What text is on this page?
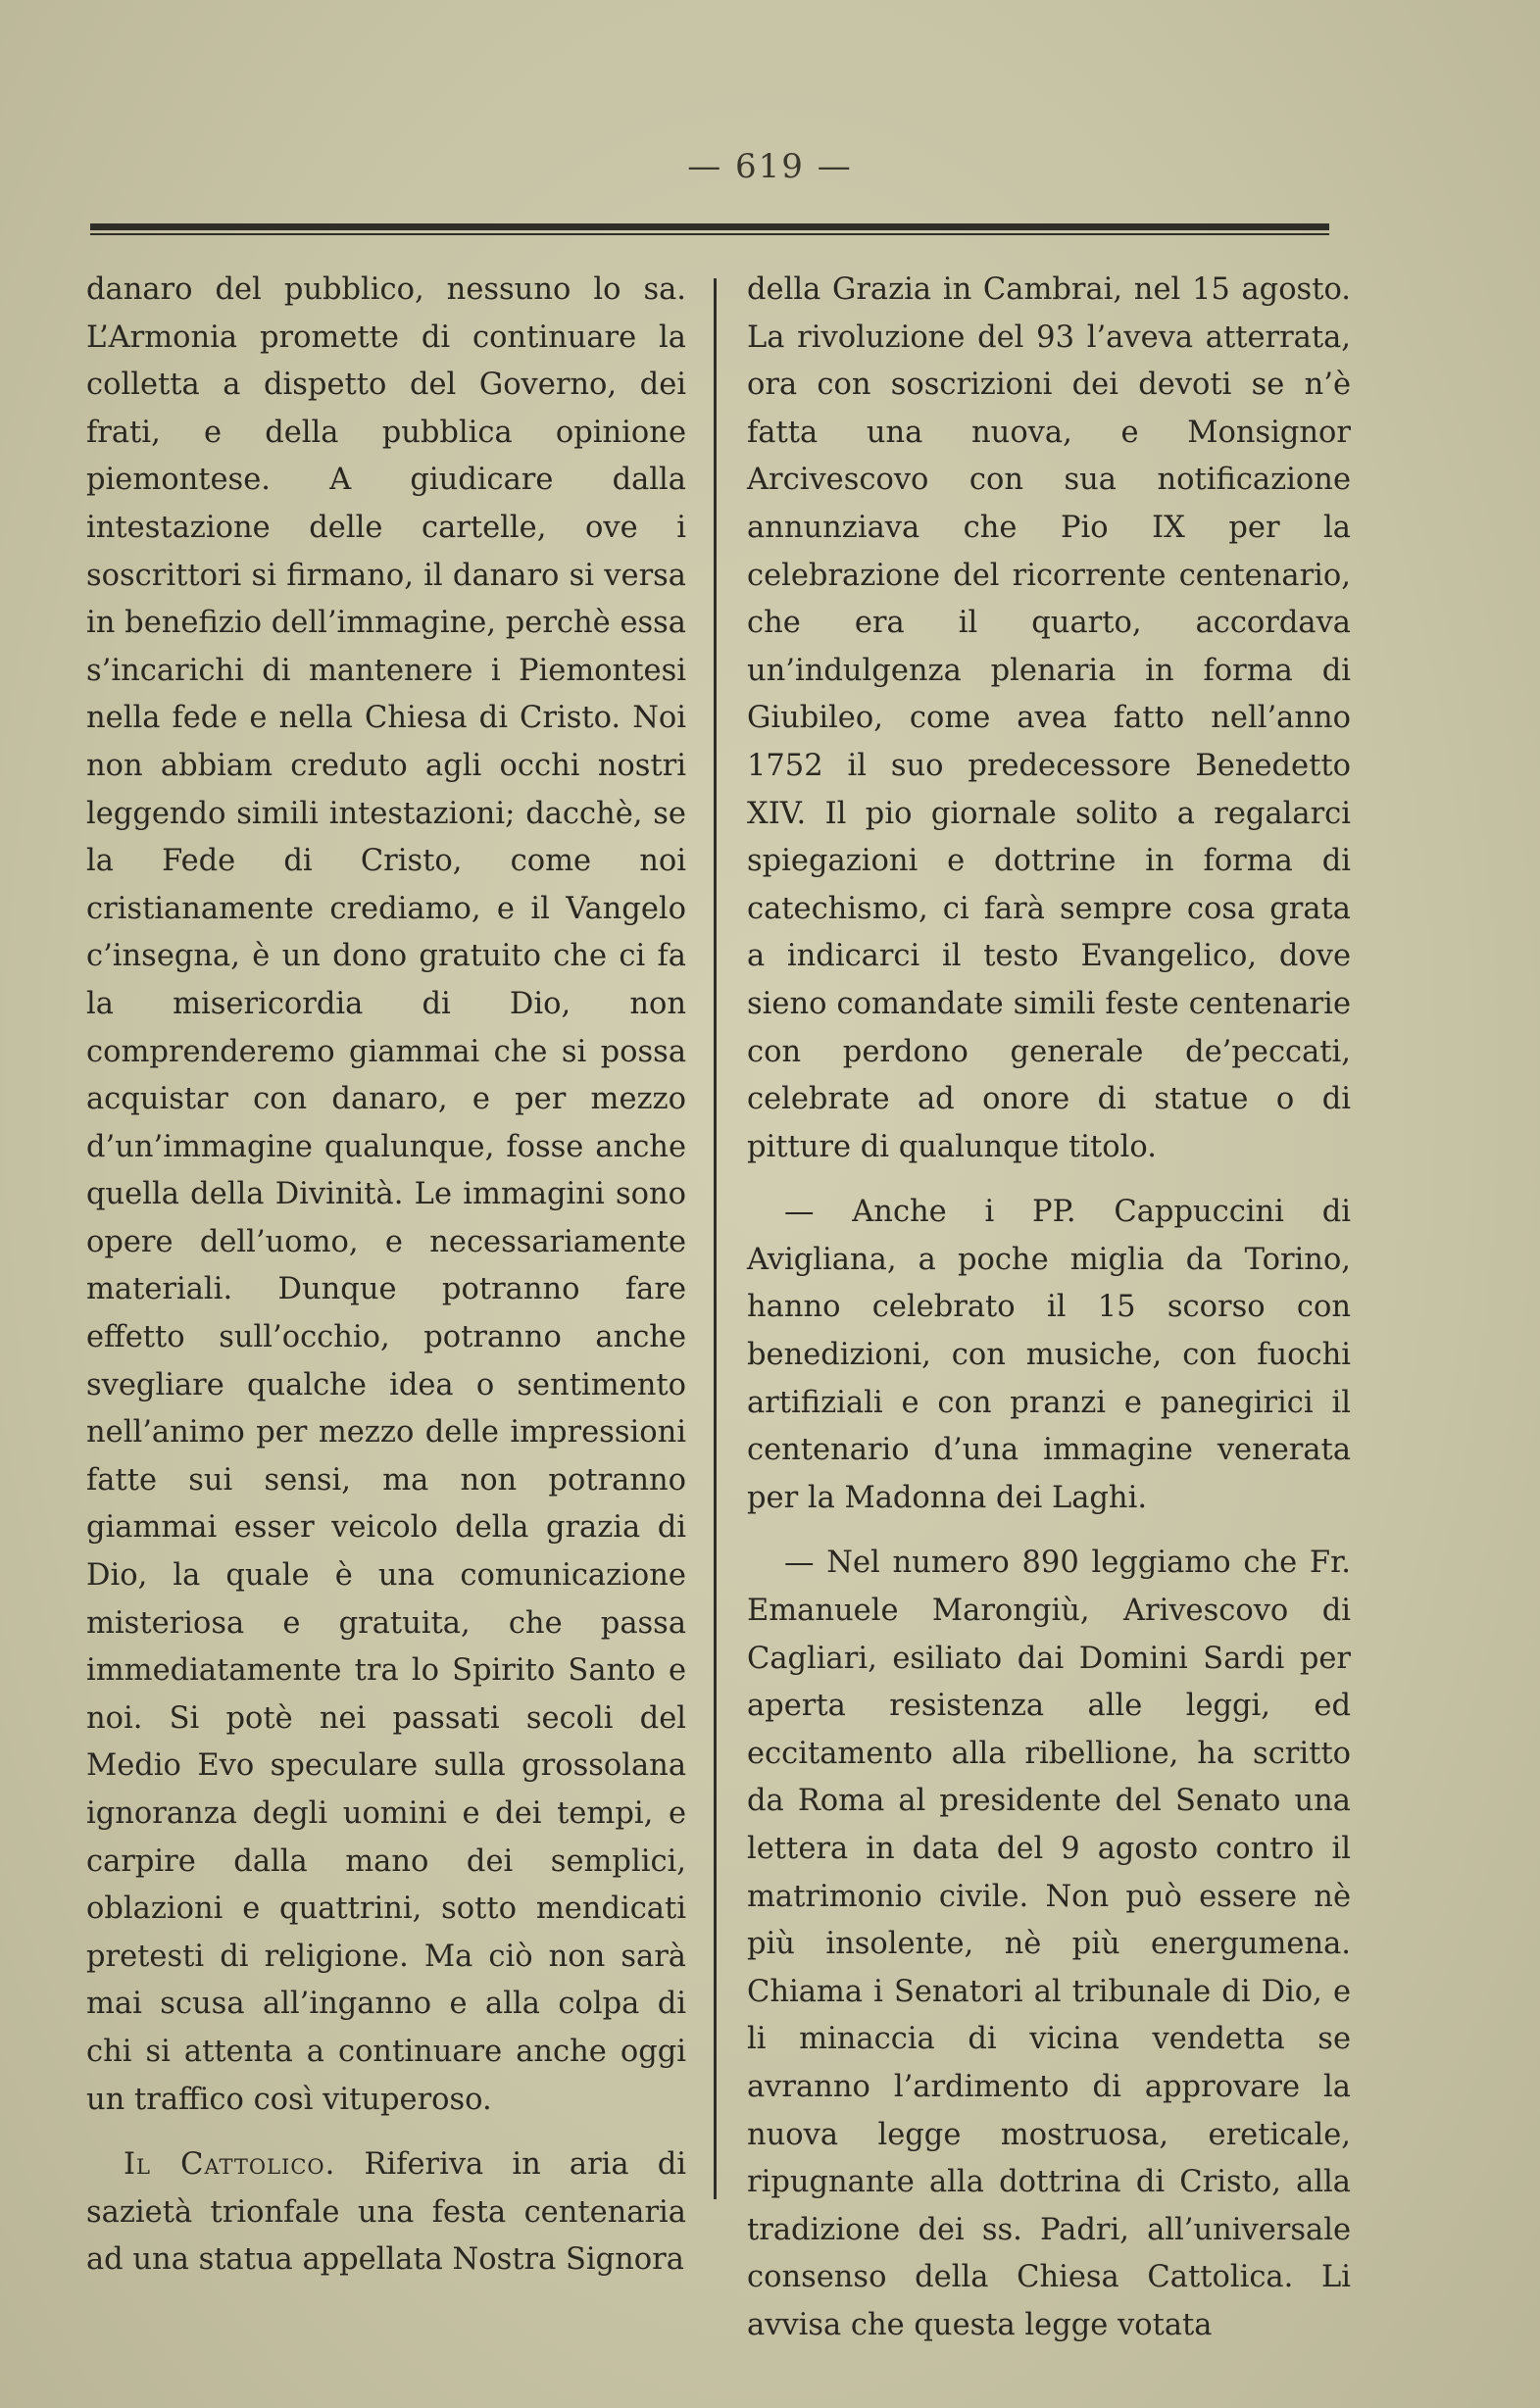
— 619 —

danaro del pubblico, nessuno lo sa. L’Armonia promette di continuare la colletta a dispetto del Governo, dei frati, e della pubblica opinione piemontese. A giudicare dalla intestazione delle cartelle, ove i soscrittori si firmano, il danaro si versa in benefizio dell’immagine, perchè essa s’incarichi di mantenere i Piemontesi nella fede e nella Chiesa di Cristo. Noi non abbiam creduto agli occhi nostri leggendo simili intestazioni; dacchè, se la Fede di Cristo, come noi cristianamente crediamo, e il Vangelo c’insegna, è un dono gratuito che ci fa la misericordia di Dio, non comprenderemo giammai che si possa acquistar con danaro, e per mezzo d’un’immagine qualunque, fosse anche quella della Divinità. Le immagini sono opere dell’uomo, e necessariamente materiali. Dunque potranno fare effetto sull’occhio, potranno anche svegliare qualche idea o sentimento nell’animo per mezzo delle impressioni fatte sui sensi, ma non potranno giammai esser veicolo della grazia di Dio, la quale è una comunicazione misteriosa e gratuita, che passa immediatamente tra lo Spirito Santo e noi. Si potè nei passati secoli del Medio Evo speculare sulla grossolana ignoranza degli uomini e dei tempi, e carpire dalla mano dei semplici, oblazioni e quattrini, sotto mendicati pretesti di religione. Ma ciò non sarà mai scusa all’inganno e alla colpa di chi si attenta a continuare anche oggi un traffico così vituperoso.

Il Cattolico. Riferiva in aria di sazietà trionfale una festa centenaria ad una statua appellata Nostra Signora

della Grazia in Cambrai, nel 15 agosto. La rivoluzione del 93 l’aveva atterrata, ora con soscrizioni dei devoti se n’è fatta una nuova, e Monsignor Arcivescovo con sua notificazione annunziava che Pio IX per la celebrazione del ricorrente centenario, che era il quarto, accordava un’indulgenza plenaria in forma di Giubileo, come avea fatto nell’anno 1752 il suo predecessore Benedetto XIV. Il pio giornale solito a regalarci spiegazioni e dottrine in forma di catechismo, ci farà sempre cosa grata a indicarci il testo Evangelico, dove sieno comandate simili feste centenarie con perdono generale de’peccati, celebrate ad onore di statue o di pitture di qualunque titolo.

— Anche i PP. Cappuccini di Avigliana, a poche miglia da Torino, hanno celebrato il 15 scorso con benedizioni, con musiche, con fuochi artifiziali e con pranzi e panegirici il centenario d’una immagine venerata per la Madonna dei Laghi.

— Nel numero 890 leggiamo che Fr. Emanuele Marongiù, Arivescovo di Cagliari, esiliato dai Domini Sardi per aperta resistenza alle leggi, ed eccitamento alla ribellione, ha scritto da Roma al presidente del Senato una lettera in data del 9 agosto contro il matrimonio civile. Non può essere nè più insolente, nè più energumena. Chiama i Senatori al tribunale di Dio, e li minaccia di vicina vendetta se avranno l’ardimento di approvare la nuova legge mostruosa, ereticale, ripugnante alla dottrina di Cristo, alla tradizione dei ss. Padri, all’universale consenso della Chiesa Cattolica. Li avvisa che questa legge votata
